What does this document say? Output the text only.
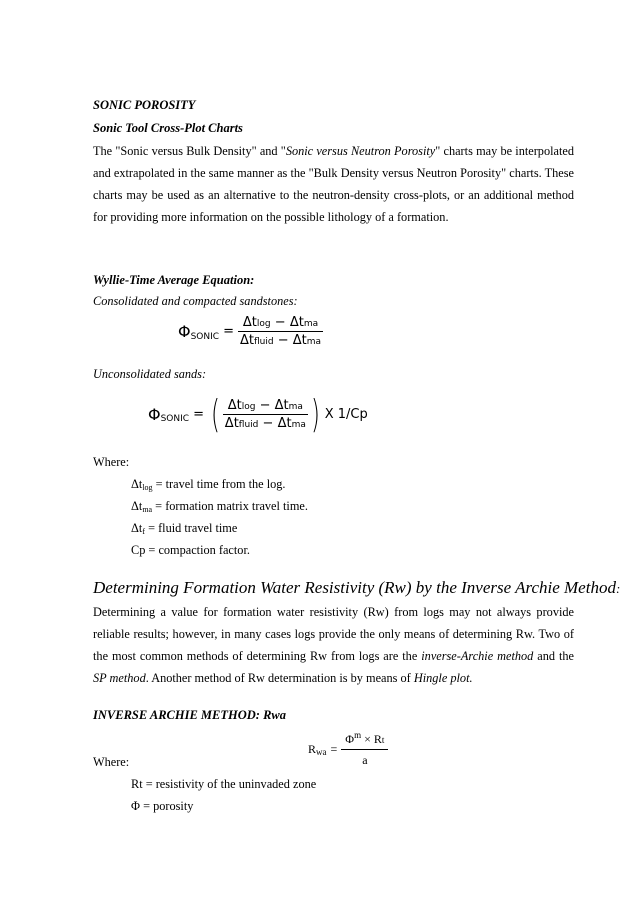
SONIC POROSITY
Sonic Tool Cross-Plot Charts
The "Sonic versus Bulk Density" and "Sonic versus Neutron Porosity" charts may be interpolated and extrapolated in the same manner as the "Bulk Density versus Neutron Porosity" charts. These charts may be used as an alternative to the neutron-density cross-plots, or an additional method for providing more information on the possible lithology of a formation.
Wyllie-Time Average Equation:
Consolidated and compacted sandstones:
Φ SONIC = $\frac{\text{Δtlog − Δtma}}{\text{Δtfluid − Δtma}}$
Unconsolidated sands:
Φ SONIC = ( $\frac{\text{Δtlog − Δtma}}{\text{Δtfluid − Δtma}}$ ) X 1/Cp
Where:
$\Delta t_{log}$ = travel time from the log.
$\Delta t_{ma}$ = formation matrix travel time.
$\Delta t_f$ = fluid travel time
Cp = compaction factor.
Determining Formation Water Resistivity (Rw) by the Inverse Archie Method:
Determining a value for formation water resistivity (Rw) from logs may not always provide reliable results; however, in many cases logs provide the only means of determining Rw. Two of the most common methods of determining Rw from logs are the inverse-Archie method and the SP method. Another method of Rw determination is by means of Hingle plot.
INVERSE ARCHIE METHOD: Rwa
R wa = $\frac{\Phi^m \times Rt}{a}$
Where:
Rt = resistivity of the uninvaded zone
Φ = porosity
